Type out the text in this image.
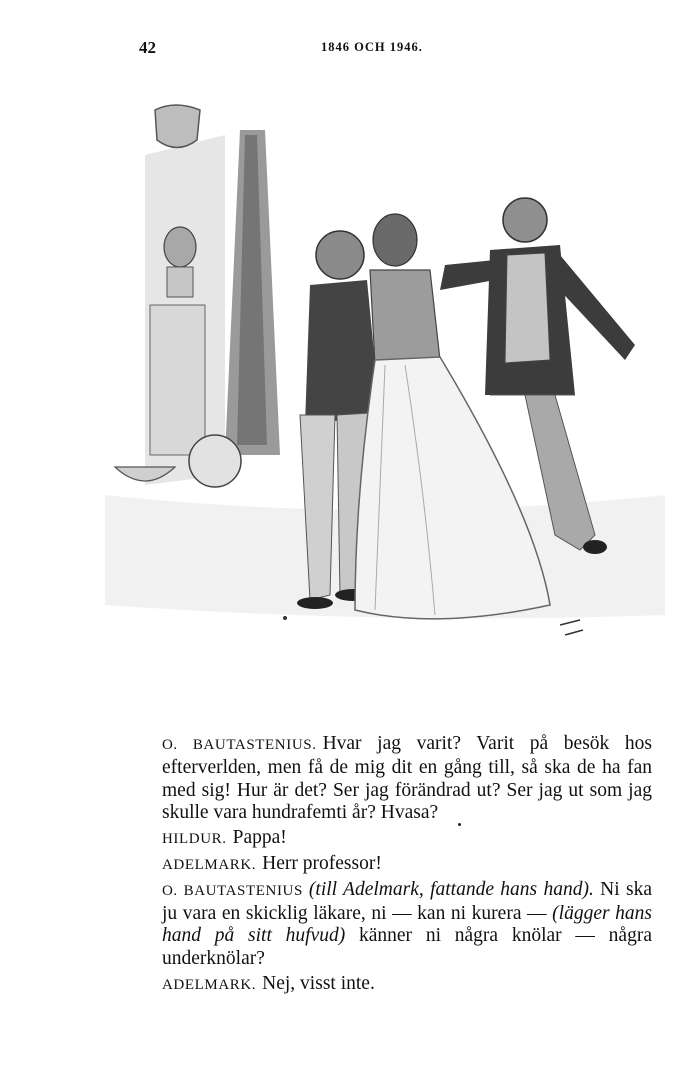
42	1846 OCH 1946.

O. BAUTASTENIUS. Hvar jag varit? Varit på besök hos efterverlden, men få de mig dit en gång till, så ska de ha fan med sig! Hur är det? Ser jag förändrad ut? Ser jag ut som jag skulle vara hundrafemti år? Hvasa?

HILDUR. Pappa!

ADELMARK. Herr professor!

O. BAUTASTENIUS (till Adelmark, fattande hans hand). Ni ska ju vara en skicklig läkare, ni — kan ni kurera — (lägger hans hand på sitt hufvud) känner ni några knölar — några underknölar?

ADELMARK. Nej, visst inte.
